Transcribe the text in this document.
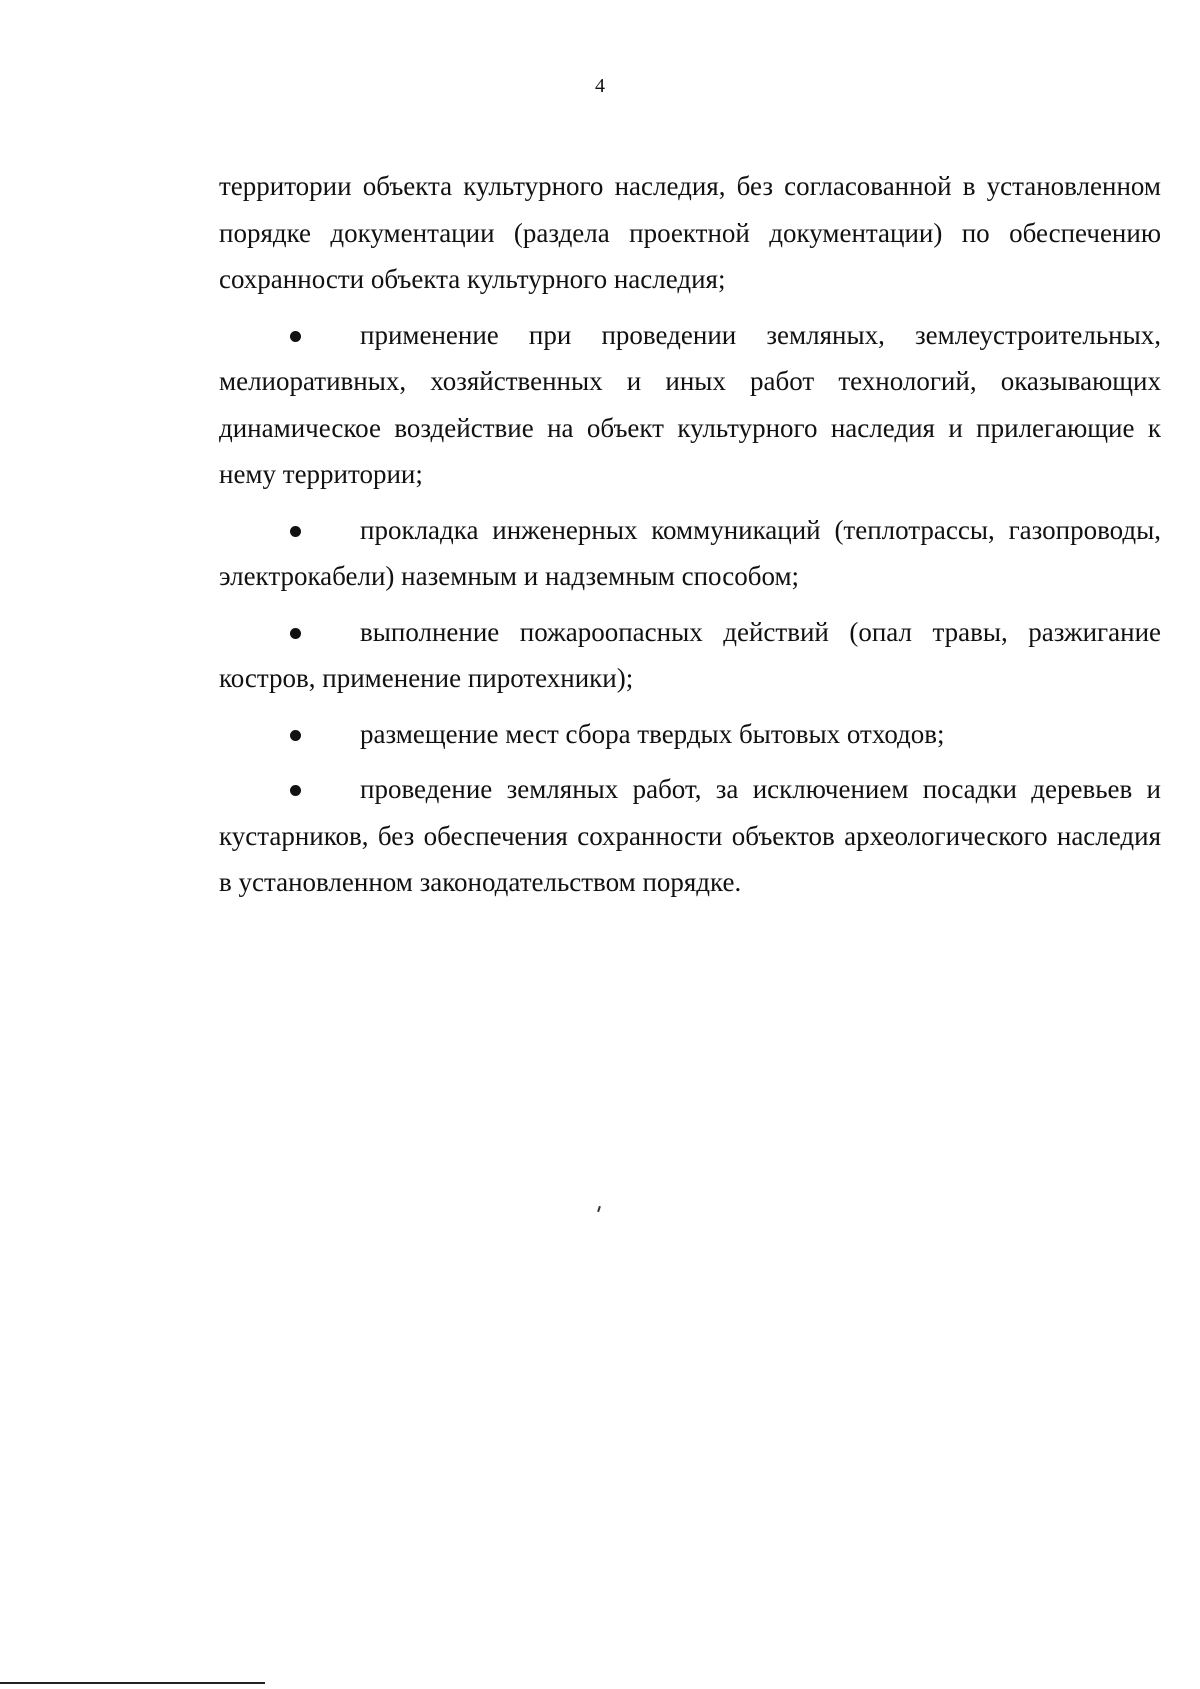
4

территории объекта культурного наследия, без согласованной в установленном порядке документации (раздела проектной документации) по обеспечению сохранности объекта культурного наследия;

применение при проведении земляных, землеустроительных, мелиоративных, хозяйственных и иных работ технологий, оказывающих динамическое воздействие на объект культурного наследия и прилегающие к нему территории;

прокладка инженерных коммуникаций (теплотрассы, газопроводы, электрокабели) наземным и надземным способом;

выполнение пожароопасных действий (опал травы, разжигание костров, применение пиротехники);

размещение мест сбора твердых бытовых отходов;

проведение земляных работ, за исключением посадки деревьев и кустарников, без обеспечения сохранности объектов археологического наследия в установленном законодательством порядке.
